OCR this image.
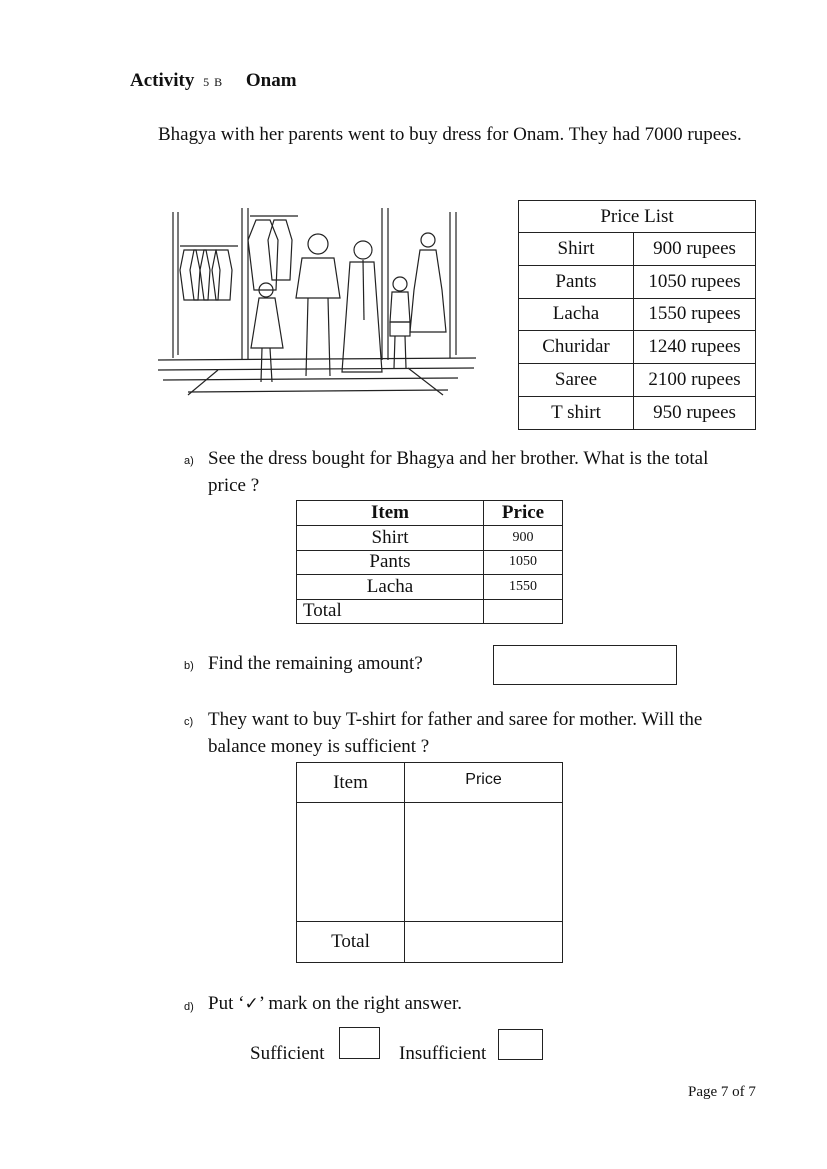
Activity 5 B Onam
Bhagya with her parents went to buy dress for Onam. They had 7000 rupees.
Price List	
Shirt	900 rupees
Pants	1050 rupees
Lacha	1550 rupees
Churidar	1240 rupees
Saree	2100 rupees
T shirt	950 rupees
a) See the dress bought for Bhagya and her brother. What is the total
price ?
Item	Price
Shirt	900
Pants	1050
Lacha	1550
Total	
b) Find the remaining amount?
c) They want to buy T-shirt for father and saree for mother. Will the
balance money is sufficient ?
Item	Price

Total	
d) Put ‘✓’ mark on the right answer.
Sufficient	Insufficient
Page 7 of 7
